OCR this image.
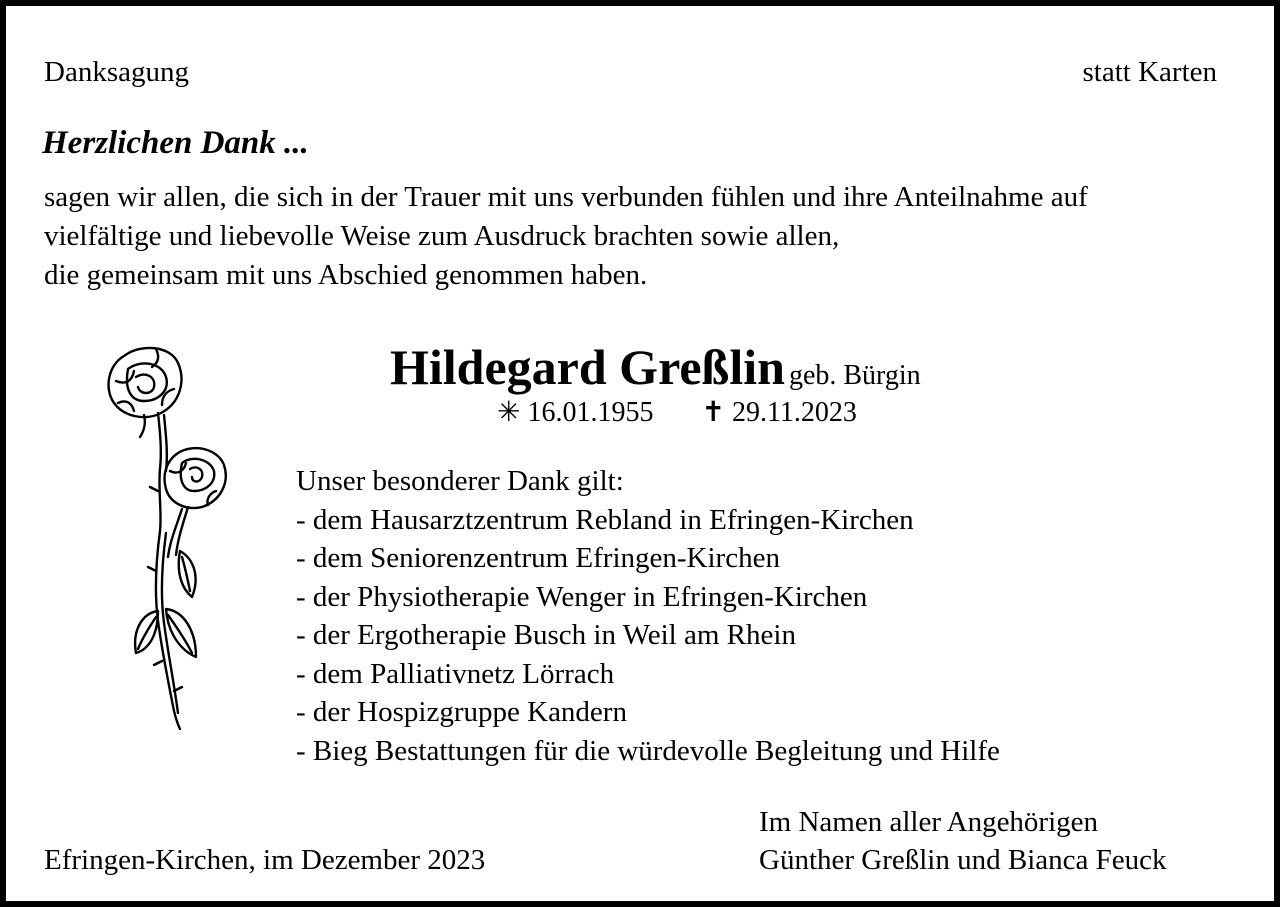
Danksagung	statt Karten
Herzlichen Dank ...
sagen wir allen, die sich in der Trauer mit uns verbunden fühlen und ihre Anteilnahme auf
vielfältige und liebevolle Weise zum Ausdruck brachten sowie allen,
die gemeinsam mit uns Abschied genommen haben.
Hildegard Greßlin geb. Bürgin
✳ 16.01.1955 ✝ 29.11.2023
Unser besonderer Dank gilt:
- dem Hausarztzentrum Rebland in Efringen-Kirchen
- dem Seniorenzentrum Efringen-Kirchen
- der Physiotherapie Wenger in Efringen-Kirchen
- der Ergotherapie Busch in Weil am Rhein
- dem Palliativnetz Lörrach
- der Hospizgruppe Kandern
- Bieg Bestattungen für die würdevolle Begleitung und Hilfe
Efringen-Kirchen, im Dezember 2023
Im Namen aller Angehörigen
Günther Greßlin und Bianca Feuck
